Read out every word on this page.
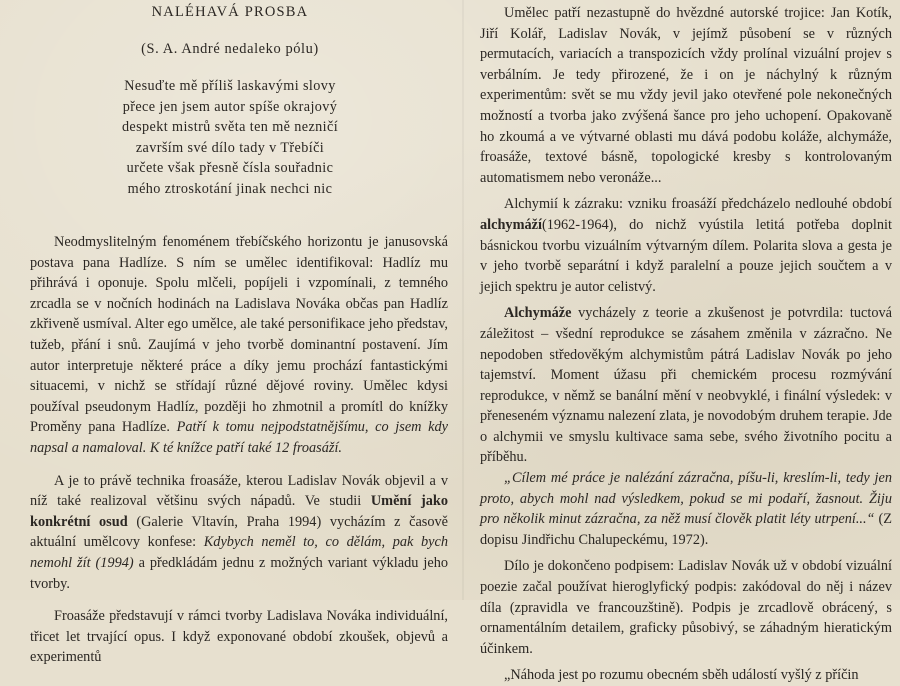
NALÉHAVÁ PROSBA
(S. A. André nedaleko pólu)
Nesuďte mě příliš laskavými slovy
přece jen jsem autor spíše okrajový
despekt mistrů světa ten mě nezničí
završím své dílo tady v Třebíči
určete však přesně čísla souřadnic
mého ztroskotání jinak nechci nic

Neodmyslitelným fenoménem třebíčského horizontu je janusovská postava pana Hadlíze. S ním se umělec identifikoval: Hadlíz mu přihrává i oponuje. Spolu mlčeli, popíjeli i vzpomínali, z temného zrcadla se v nočních hodinách na Ladislava Nováka občas pan Hadlíz zkřiveně usmíval. Alter ego umělce, ale také personifikace jeho představ, tužeb, přání i snů. Zaujímá v jeho tvorbě dominantní postavení. Jím autor interpretuje některé práce a díky jemu prochází fantastickými situacemi, v nichž se střídají různé dějové roviny. Umělec kdysi používal pseudonym Hadlíz, později ho zhmotnil a promítl do knížky Proměny pana Hadlíze. Patří k tomu nejpodstatnějšímu, co jsem kdy napsal a namaloval. K té knížce patří také 12 froasáží.

A je to právě technika froasáže, kterou Ladislav Novák objevil a v níž také realizoval většinu svých nápadů. Ve studii Umění jako konkrétní osud (Galerie Vltavín, Praha 1994) vycházím z časově aktuální umělcovy konfese: Kdybych neměl to, co dělám, pak bych nemohl žít (1994) a předkládám jednu z možných variant výkladu jeho tvorby.

Froasáže představují v rámci tvorby Ladislava Nováka individuální, třicet let trvající opus. I když exponované období zkoušek, objevů a experimentů

Umělec patří nezastupně do hvězdné autorské trojice: Jan Kotík, Jiří Kolář, Ladislav Novák, v jejímž působení se v různých permutacích, variacích a transpozicích vždy prolínal vizuální projev s verbálním. Je tedy přirozené, že i on je náchylný k různým experimentům: svět se mu vždy jevil jako otevřené pole nekonečných možností a tvorba jako zvýšená šance pro jeho uchopení. Opakovaně ho zkoumá a ve výtvarné oblasti mu dává podobu koláže, alchymáže, froasáže, textové básně, topologické kresby s kontrolovaným automatismem nebo veronáže...

Alchymií k zázraku: vzniku froasáží předcházelo nedlouhé období alchymáží(1962-1964), do nichž vyústila letitá potřeba doplnit básnickou tvorbu vizuálním výtvarným dílem. Polarita slova a gesta je v jeho tvorbě separátní i když paralelní a pouze jejich součtem a v jejich spektru je autor celistvý.

Alchymáže vycházely z teorie a zkušenost je potvrdila: tuctová záležitost – všední reprodukce se zásahem změnila v zázračno. Ne nepodoben středověkým alchymistům pátrá Ladislav Novák po jeho tajemství. Moment úžasu při chemickém procesu rozmývání reprodukce, v němž se banální mění v neobvyklé, i finální výsledek: v přeneseném významu nalezení zlata, je novodobým druhem terapie. Jde o alchymii ve smyslu kultivace sama sebe, svého životního pocitu a příběhu.

„Cílem mé práce je nalézání zázračna, píšu-li, kreslím-li, tedy jen proto, abych mohl nad výsledkem, pokud se mi podaří, žasnout. Žiju pro několik minut zázračna, za něž musí člověk platit léty utrpení...“ (Z dopisu Jindřichu Chalupeckému, 1972).

Dílo je dokončeno podpisem: Ladislav Novák už v období vizuální poezie začal používat hieroglyfický podpis: zakódoval do něj i název díla (zpravidla ve francouzštině). Podpis je zrcadlově obrácený, s ornamentálním detailem, graficky působivý, se záhadným hieratickým účinkem.

„Náhoda jest po rozumu obecném sběh událostí vyšlý z příčin
